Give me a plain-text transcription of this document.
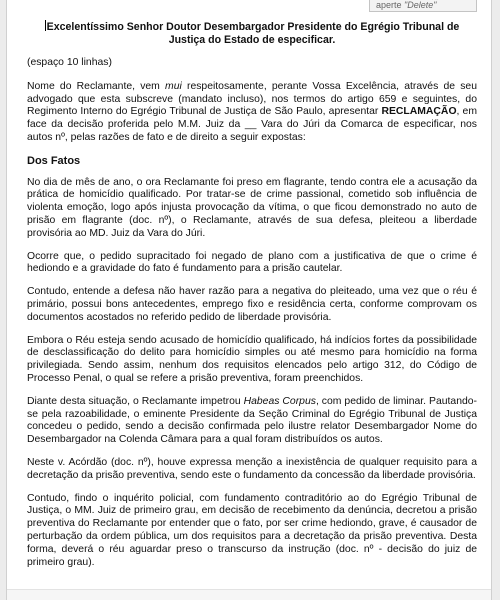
aperte "Delete"
Excelentíssimo Senhor Doutor Desembargador Presidente do Egrégio Tribunal de Justiça do Estado de especificar.

(espaço 10 linhas)

Nome do Reclamante, vem mui respeitosamente, perante Vossa Excelência, através de seu advogado que esta subscreve (mandato incluso), nos termos do artigo 659 e seguintes, do Regimento Interno do Egrégio Tribunal de Justiça de São Paulo, apresentar RECLAMAÇÃO, em face da decisão proferida pelo M.M. Juiz da __ Vara do Júri da Comarca de especificar, nos autos nº, pelas razões de fato e de direito a seguir expostas:

Dos Fatos

No dia de mês de ano, o ora Reclamante foi preso em flagrante, tendo contra ele a acusação da prática de homicídio qualificado. Por tratar-se de crime passional, cometido sob influência de violenta emoção, logo após injusta provocação da vítima, o que ficou demonstrado no auto de prisão em flagrante (doc. nº), o Reclamante, através de sua defesa, pleiteou a liberdade provisória ao MD. Juiz da Vara do Júri.

Ocorre que, o pedido supracitado foi negado de plano com a justificativa de que o crime é hediondo e a gravidade do fato é fundamento para a prisão cautelar.

Contudo, entende a defesa não haver razão para a negativa do pleiteado, uma vez que o réu é primário, possui bons antecedentes, emprego fixo e residência certa, conforme comprovam os documentos acostados no referido pedido de liberdade provisória.

Embora o Réu esteja sendo acusado de homicídio qualificado, há indícios fortes da possibilidade de desclassificação do delito para homicídio simples ou até mesmo para homicídio na forma privilegiada. Sendo assim, nenhum dos requisitos elencados pelo artigo 312, do Código de Processo Penal, o qual se refere a prisão preventiva, foram preenchidos.

Diante desta situação, o Reclamante impetrou Habeas Corpus, com pedido de liminar. Pautando-se pela razoabilidade, o eminente Presidente da Seção Criminal do Egrégio Tribunal de Justiça concedeu o pedido, sendo a decisão confirmada pelo ilustre relator Desembargador Nome do Desembargador na Colenda Câmara para a qual foram distribuídos os autos.

Neste v. Acórdão (doc. nº), houve expressa menção a inexistência de qualquer requisito para a decretação da prisão preventiva, sendo este o fundamento da concessão da liberdade provisória.

Contudo, findo o inquérito policial, com fundamento contraditório ao do Egrégio Tribunal de Justiça, o MM. Juiz de primeiro grau, em decisão de recebimento da denúncia, decretou a prisão preventiva do Reclamante por entender que o fato, por ser crime hediondo, grave, é causador de perturbação da ordem pública, um dos requisitos para a decretação da prisão preventiva. Desta forma, deverá o réu aguardar preso o transcurso da instrução (doc. nº - decisão do juiz de primeiro grau).
